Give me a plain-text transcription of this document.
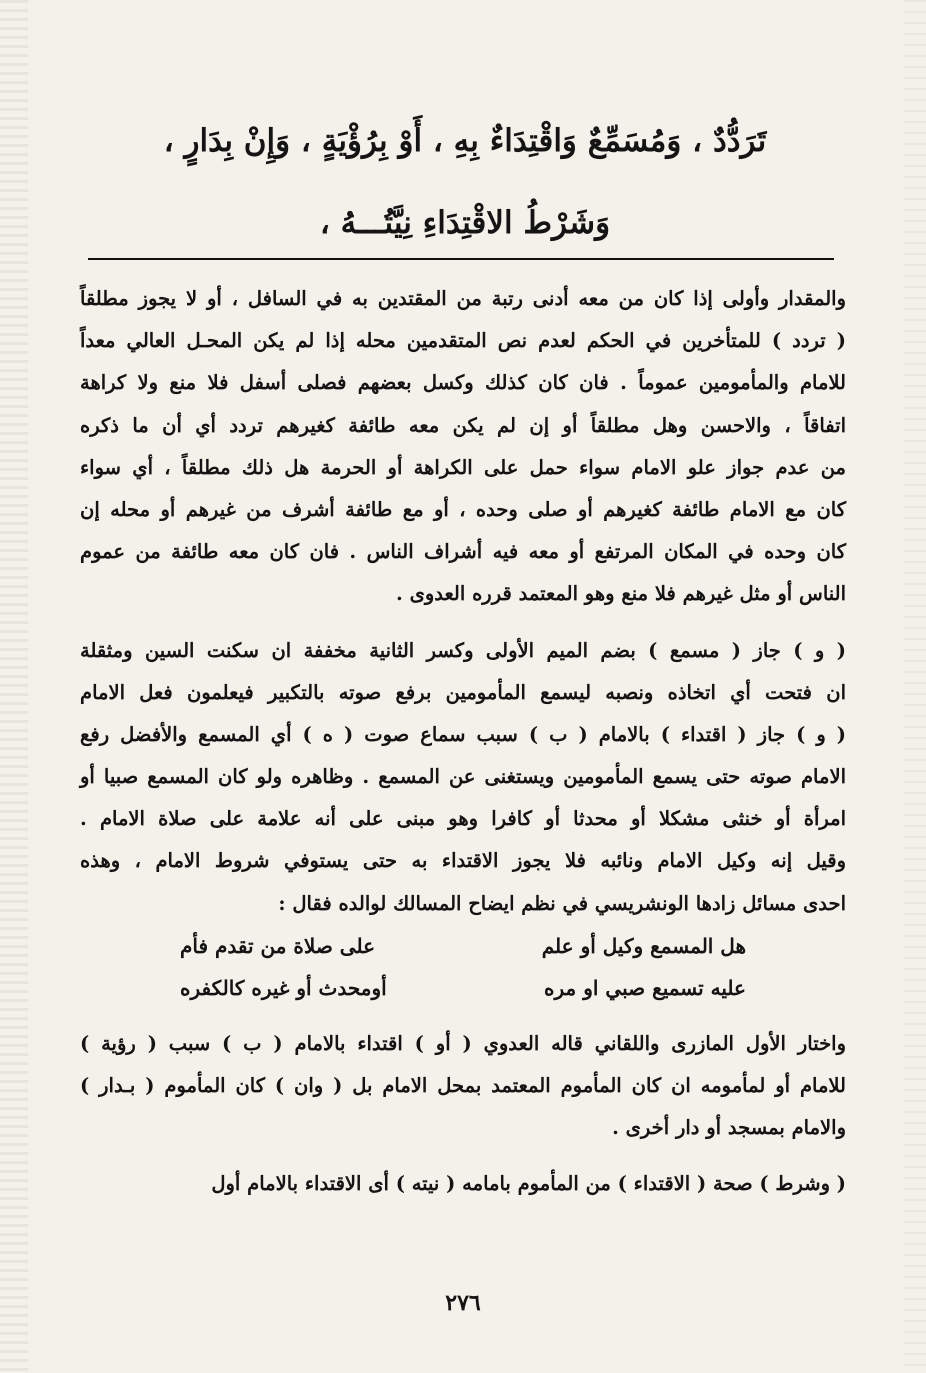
تَرَدُّدٌ ، وَمُسَمِّعٌ وَاقْتِدَاءٌ بِهِ ، أَوْ بِرُؤْيَةٍ ، وَإِنْ بِدَارٍ ،
وَشَرْطُ الاقْتِدَاءِ نِيَّتُـــهُ ،
والمقدار وأولى إذا كان من معه أدنى رتبة من المقتدين به في السافل ، أو لا يجوز مطلقاً
( تردد ) للمتأخرين في الحكم لعدم نص المتقدمين محله إذا لم يكن المحـل العالي معداً
للامام والمأمومين عموماً . فان كان كذلك وكسل بعضهم فصلى أسفل فلا منع ولا كراهة
اتفاقاً ، والاحسن وهل مطلقاً أو إن لم يكن معه طائفة كغيرهم تردد أي أن ما ذكره
من عدم جواز علو الامام سواء حمل على الكراهة أو الحرمة هل ذلك مطلقاً ، أي سواء
كان مع الامام طائفة كغيرهم أو صلى وحده ، أو مع طائفة أشرف من غيرهم أو محله إن
كان وحده في المكان المرتفع أو معه فيه أشراف الناس . فان كان معه طائفة من عموم
الناس أو مثل غيرهم فلا منع وهو المعتمد قرره العدوى .
( و ) جاز ( مسمع ) بضم الميم الأولى وكسر الثانية مخففة ان سكنت السين ومثقلة
ان فتحت أي اتخاذه ونصبه ليسمع المأمومين برفع صوته بالتكبير فيعلمون فعل الامام
( و ) جاز ( اقتداء ) بالامام ( ب ) سبب سماع صوت ( ه ) أي المسمع والأفضل رفع
الامام صوته حتى يسمع المأمومين ويستغنى عن المسمع . وظاهره ولو كان المسمع صبيا أو
امرأة أو خنثى مشكلا أو محدثا أو كافرا وهو مبنى على أنه علامة على صلاة الامام .
وقيل إنه وكيل الامام ونائبه فلا يجوز الاقتداء به حتى يستوفي شروط الامام ، وهذه
احدى مسائل زادها الونشريسي في نظم ايضاح المسالك لوالده فقال :
هل المسمع وكيل أو علم
على صلاة من تقدم فأم
عليه تسميع صبي او مره
أومحدث أو غيره كالكفره
واختار الأول المازرى واللقاني قاله العدوي ( أو ) اقتداء بالامام ( ب ) سبب ( رؤية )
للامام أو لمأمومه ان كان المأموم المعتمد بمحل الامام بل ( وان ) كان المأموم ( بـدار )
والامام بمسجد أو دار أخرى .
( وشرط ) صحة ( الاقتداء ) من المأموم بامامه ( نيته ) أى الاقتداء بالامام أول
٢٧٦
